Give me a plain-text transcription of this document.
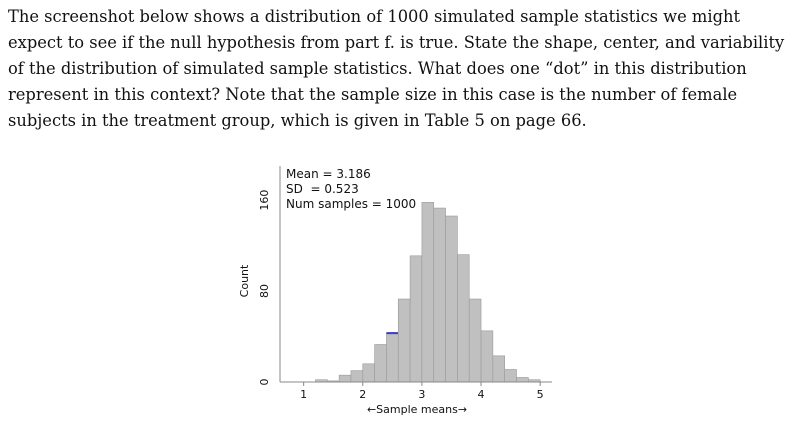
The screenshot below shows a distribution of 1000 simulated sample statistics we might expect to see if the null hypothesis from part f. is true. State the shape, center, and variability of the distribution of simulated sample statistics. What does one “dot” in this distribution represent in this context? Note that the sample size in this case is the number of female subjects in the treatment group, which is given in Table 5 on page 66.

Mean = 3.186
SD  = 0.523
Num samples = 1000
0
80
160
1	2	3	4	5
Count
←Sample means→
